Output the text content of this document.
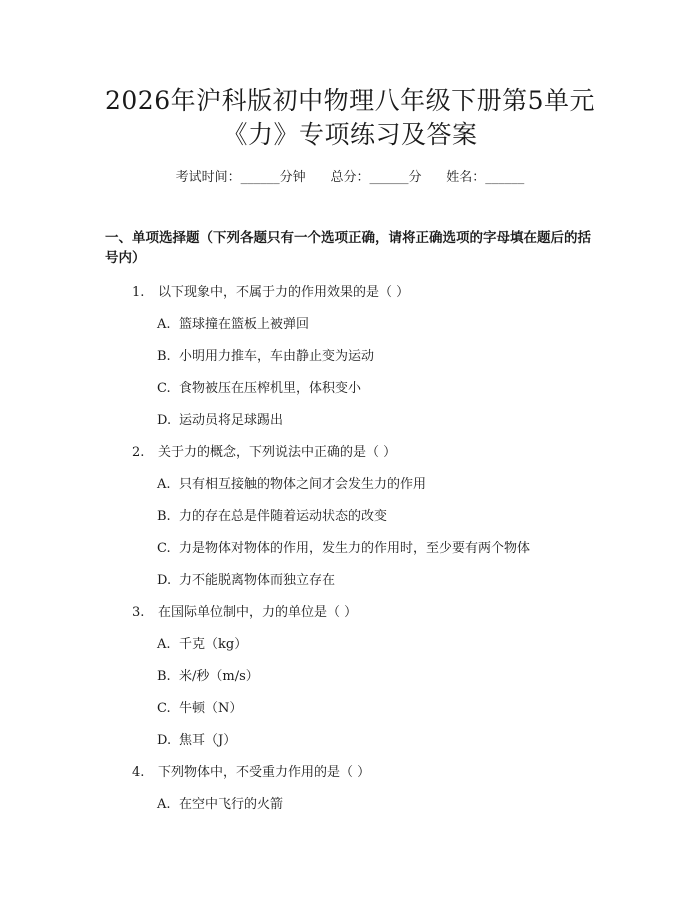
2026年沪科版初中物理八年级下册第5单元
《力》专项练习及答案
考试时间：______分钟 总分：______分 姓名：______
一、单项选择题（下列各题只有一个选项正确，请将正确选项的字母填在题后的括号内）
1. 以下现象中，不属于力的作用效果的是（ ）
A. 篮球撞在篮板上被弹回
B. 小明用力推车，车由静止变为运动
C. 食物被压在压榨机里，体积变小
D. 运动员将足球踢出
2. 关于力的概念，下列说法中正确的是（ ）
A. 只有相互接触的物体之间才会发生力的作用
B. 力的存在总是伴随着运动状态的改变
C. 力是物体对物体的作用，发生力的作用时，至少要有两个物体
D. 力不能脱离物体而独立存在
3. 在国际单位制中，力的单位是（ ）
A. 千克（kg）
B. 米/秒（m/s）
C. 牛顿（N）
D. 焦耳（J）
4. 下列物体中，不受重力作用的是（ ）
A. 在空中飞行的火箭
